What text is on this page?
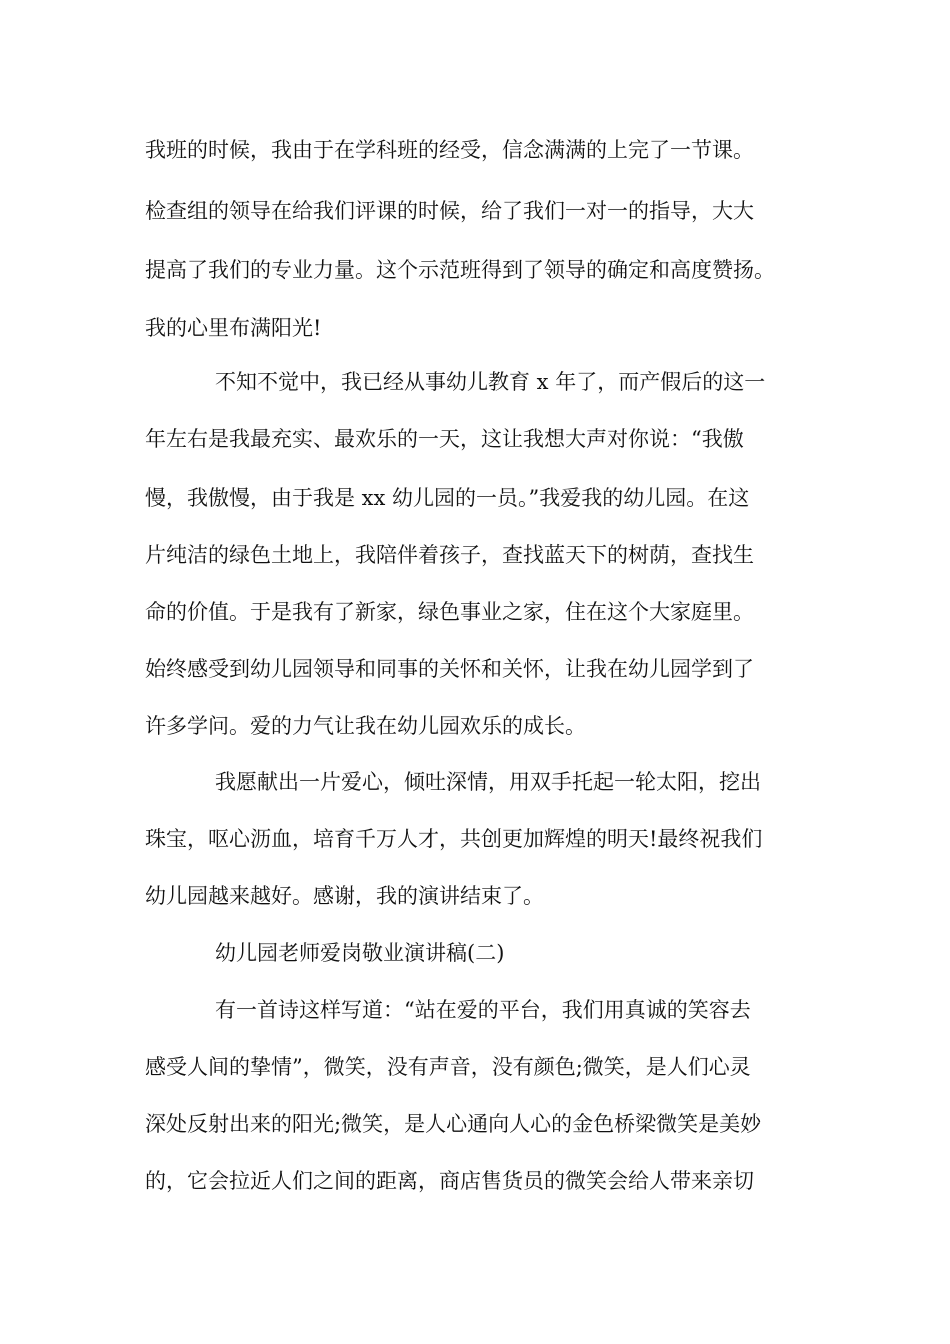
我班的时候，我由于在学科班的经受，信念满满的上完了一节课。
检查组的领导在给我们评课的时候，给了我们一对一的指导，大大
提高了我们的专业力量。这个示范班得到了领导的确定和高度赞扬。
我的心里布满阳光!
不知不觉中，我已经从事幼儿教育 x 年了，而产假后的这一
年左右是我最充实、最欢乐的一天，这让我想大声对你说：“我傲
慢，我傲慢，由于我是 xx 幼儿园的一员。”我爱我的幼儿园。在这
片纯洁的绿色土地上，我陪伴着孩子，查找蓝天下的树荫，查找生
命的价值。于是我有了新家，绿色事业之家，住在这个大家庭里。
始终感受到幼儿园领导和同事的关怀和关怀，让我在幼儿园学到了
许多学问。爱的力气让我在幼儿园欢乐的成长。
我愿献出一片爱心，倾吐深情，用双手托起一轮太阳，挖出
珠宝，呕心沥血，培育千万人才，共创更加辉煌的明天!最终祝我们
幼儿园越来越好。感谢，我的演讲结束了。
幼儿园老师爱岗敬业演讲稿(二)
有一首诗这样写道：“站在爱的平台，我们用真诚的笑容去
感受人间的挚情”，微笑，没有声音，没有颜色;微笑，是人们心灵
深处反射出来的阳光;微笑，是人心通向人心的金色桥梁微笑是美妙
的，它会拉近人们之间的距离，商店售货员的微笑会给人带来亲切
